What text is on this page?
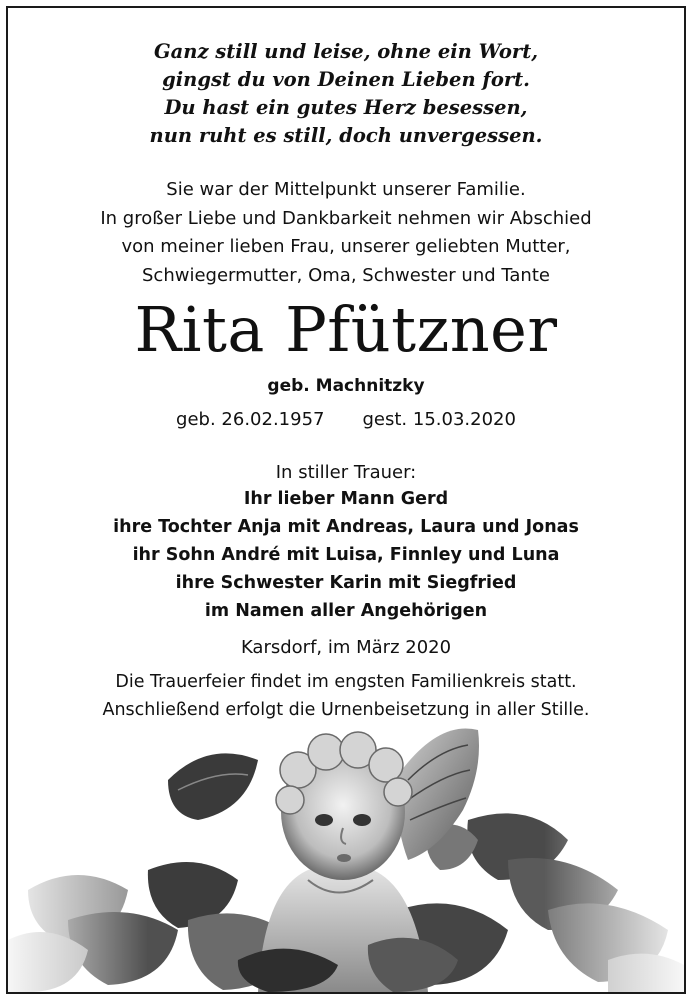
Ganz still und leise, ohne ein Wort,
gingst du von Deinen Lieben fort.
Du hast ein gutes Herz besessen,
nun ruht es still, doch unvergessen.
Sie war der Mittelpunkt unserer Familie.
In großer Liebe und Dankbarkeit nehmen wir Abschied
von meiner lieben Frau, unserer geliebten Mutter,
Schwiegermutter, Oma, Schwester und Tante
Rita Pfützner
geb. Machnitzky
geb. 26.02.1957 gest. 15.03.2020
In stiller Trauer:
Ihr lieber Mann Gerd
ihre Tochter Anja mit Andreas, Laura und Jonas
ihr Sohn André mit Luisa, Finnley und Luna
ihre Schwester Karin mit Siegfried
im Namen aller Angehörigen
Karsdorf, im März 2020
Die Trauerfeier findet im engsten Familienkreis statt.
Anschließend erfolgt die Urnenbeisetzung in aller Stille.
